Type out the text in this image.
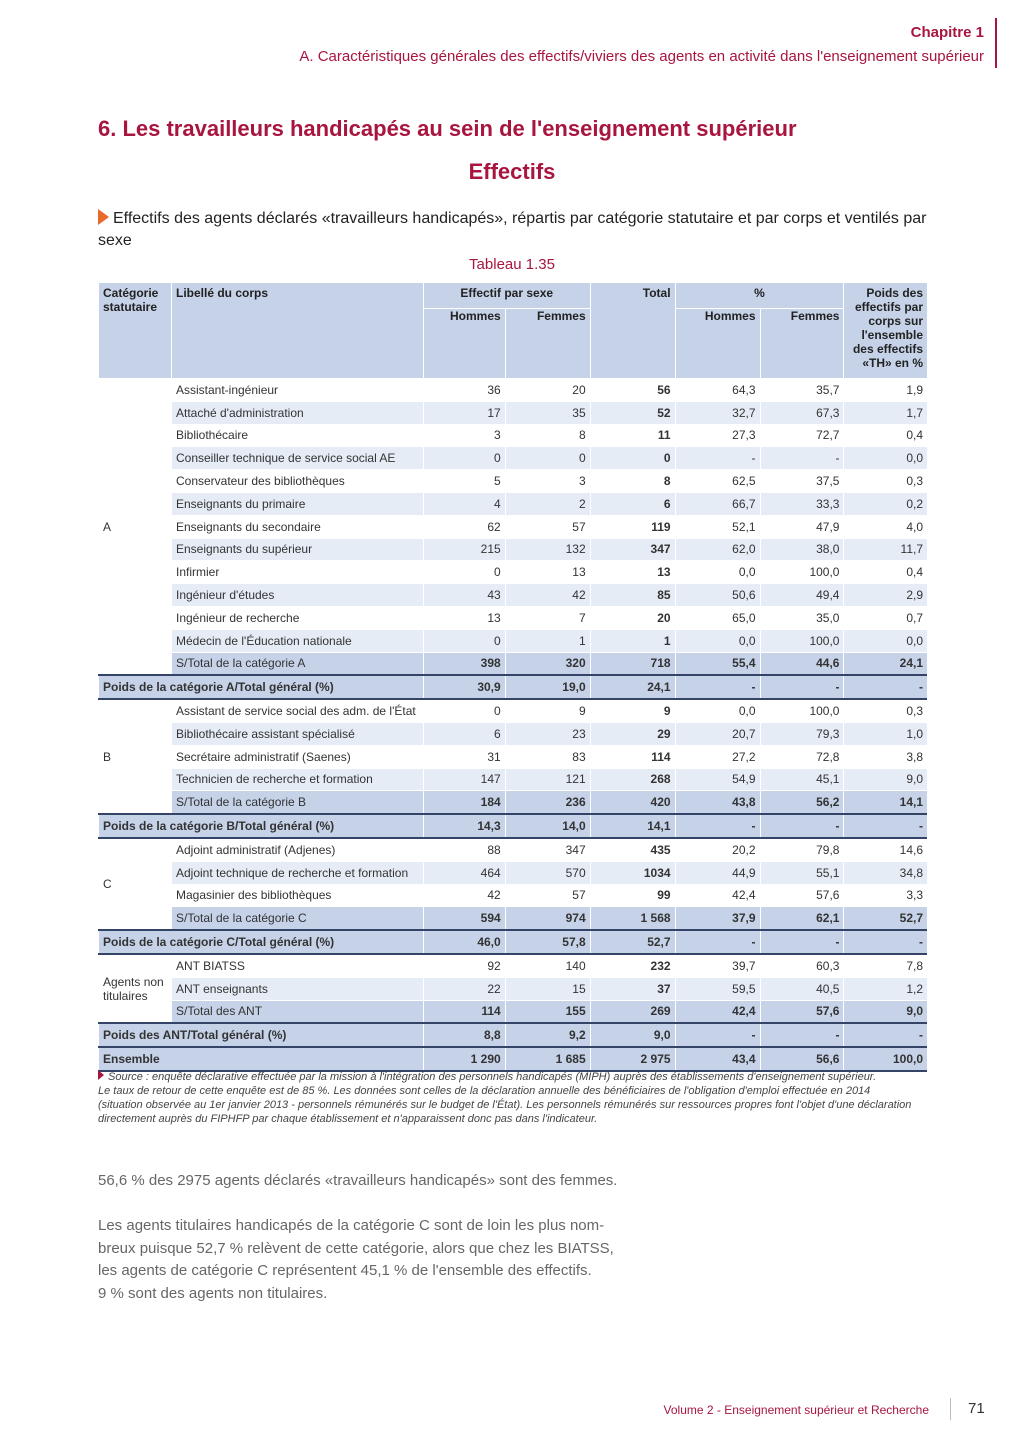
Chapitre 1
A. Caractéristiques générales des effectifs/viviers des agents en activité dans l'enseignement supérieur
6. Les travailleurs handicapés au sein de l'enseignement supérieur
Effectifs
Effectifs des agents déclarés «travailleurs handicapés», répartis par catégorie statutaire et par corps et ventilés par sexe
Tableau 1.35
Catégorie statutaire	Libellé du corps	Effectif par sexe		Total	%		Poids des effectifs par corps sur l'ensemble des effectifs «TH» en %
		Hommes	Femmes		Hommes	Femmes	
A	Assistant-ingénieur	36	20	56	64,3	35,7	1,9
	Attaché d'administration	17	35	52	32,7	67,3	1,7
	Bibliothécaire	3	8	11	27,3	72,7	0,4
	Conseiller technique de service social AE	0	0	0	-	-	0,0
	Conservateur des bibliothèques	5	3	8	62,5	37,5	0,3
	Enseignants du primaire	4	2	6	66,7	33,3	0,2
	Enseignants du secondaire	62	57	119	52,1	47,9	4,0
	Enseignants du supérieur	215	132	347	62,0	38,0	11,7
	Infirmier	0	13	13	0,0	100,0	0,4
	Ingénieur d'études	43	42	85	50,6	49,4	2,9
	Ingénieur de recherche	13	7	20	65,0	35,0	0,7
	Médecin de l'Éducation nationale	0	1	1	0,0	100,0	0,0
	S/Total de la catégorie A	398	320	718	55,4	44,6	24,1
Poids de la catégorie A/Total général (%)		30,9	19,0	24,1	-	-	-
B	Assistant de service social des adm. de l'État	0	9	9	0,0	100,0	0,3
	Bibliothécaire assistant spécialisé	6	23	29	20,7	79,3	1,0
	Secrétaire administratif (Saenes)	31	83	114	27,2	72,8	3,8
	Technicien de recherche et formation	147	121	268	54,9	45,1	9,0
	S/Total de la catégorie B	184	236	420	43,8	56,2	14,1
Poids de la catégorie B/Total général (%)		14,3	14,0	14,1	-	-	-
C	Adjoint administratif (Adjenes)	88	347	435	20,2	79,8	14,6
	Adjoint technique de recherche et formation	464	570	1034	44,9	55,1	34,8
	Magasinier des bibliothèques	42	57	99	42,4	57,6	3,3
	S/Total de la catégorie C	594	974	1 568	37,9	62,1	52,7
Poids de la catégorie C/Total général (%)		46,0	57,8	52,7	-	-	-
Agents non titulaires	ANT BIATSS	92	140	232	39,7	60,3	7,8
	ANT enseignants	22	15	37	59,5	40,5	1,2
	S/Total des ANT	114	155	269	42,4	57,6	9,0
Poids des ANT/Total général (%)		8,8	9,2	9,0	-	-	-
Ensemble		1 290	1 685	2 975	43,4	56,6	100,0
Source : enquête déclarative effectuée par la mission à l'intégration des personnels handicapés (MIPH) auprès des établissements d'enseignement supérieur.
Le taux de retour de cette enquête est de 85 %. Les données sont celles de la déclaration annuelle des bénéficiaires de l'obligation d'emploi effectuée en 2014
(situation observée au 1er janvier 2013 - personnels rémunérés sur le budget de l'État). Les personnels rémunérés sur ressources propres font l'objet d'une déclaration
directement auprès du FIPHFP par chaque établissement et n'apparaissent donc pas dans l'indicateur.
56,6 % des 2975 agents déclarés «travailleurs handicapés» sont des femmes.
Les agents titulaires handicapés de la catégorie C sont de loin les plus nom-
breux puisque 52,7 % relèvent de cette catégorie, alors que chez les BIATSS,
les agents de catégorie C représentent 45,1 % de l'ensemble des effectifs.
9 % sont des agents non titulaires.
Volume 2 - Enseignement supérieur et Recherche	71
